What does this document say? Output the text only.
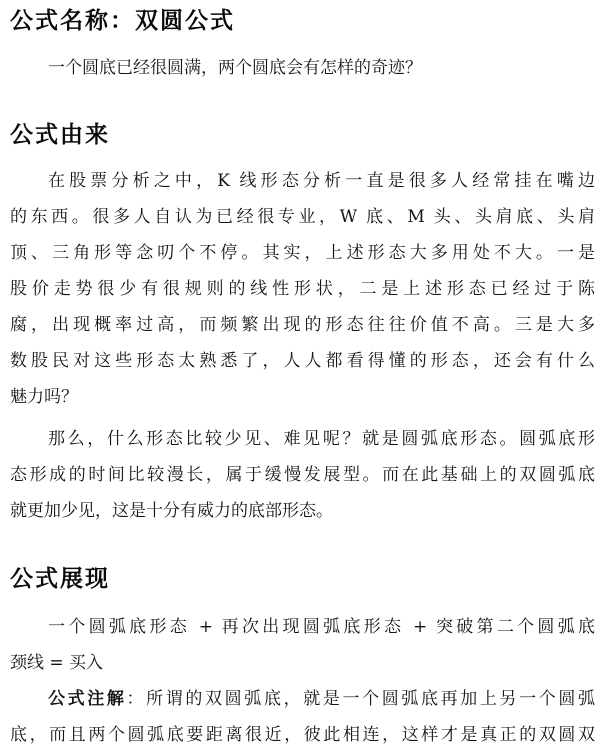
公式名称：双圆公式

一个圆底已经很圆满，两个圆底会有怎样的奇迹？

公式由来

在股票分析之中，K 线形态分析一直是很多人经常挂在嘴边

的东西。很多人自认为已经很专业，W 底、M 头、头肩底、头肩

顶、三角形等念叨个不停。其实，上述形态大多用处不大。一是

股价走势很少有很规则的线性形状，二是上述形态已经过于陈

腐，出现概率过高，而频繁出现的形态往往价值不高。三是大多

数股民对这些形态太熟悉了，人人都看得懂的形态，还会有什么

魅力吗？

那么，什么形态比较少见、难见呢？就是圆弧底形态。圆弧底形

态形成的时间比较漫长，属于缓慢发展型。而在此基础上的双圆弧底

就更加少见，这是十分有威力的底部形态。

公式展现

一个圆弧底形态 + 再次出现圆弧底形态 + 突破第二个圆弧底

颈线 = 买入

公式注解：所谓的双圆弧底，就是一个圆弧底再加上另一个圆弧

底，而且两个圆弧底要距离很近，彼此相连，这样才是真正的双圆双
